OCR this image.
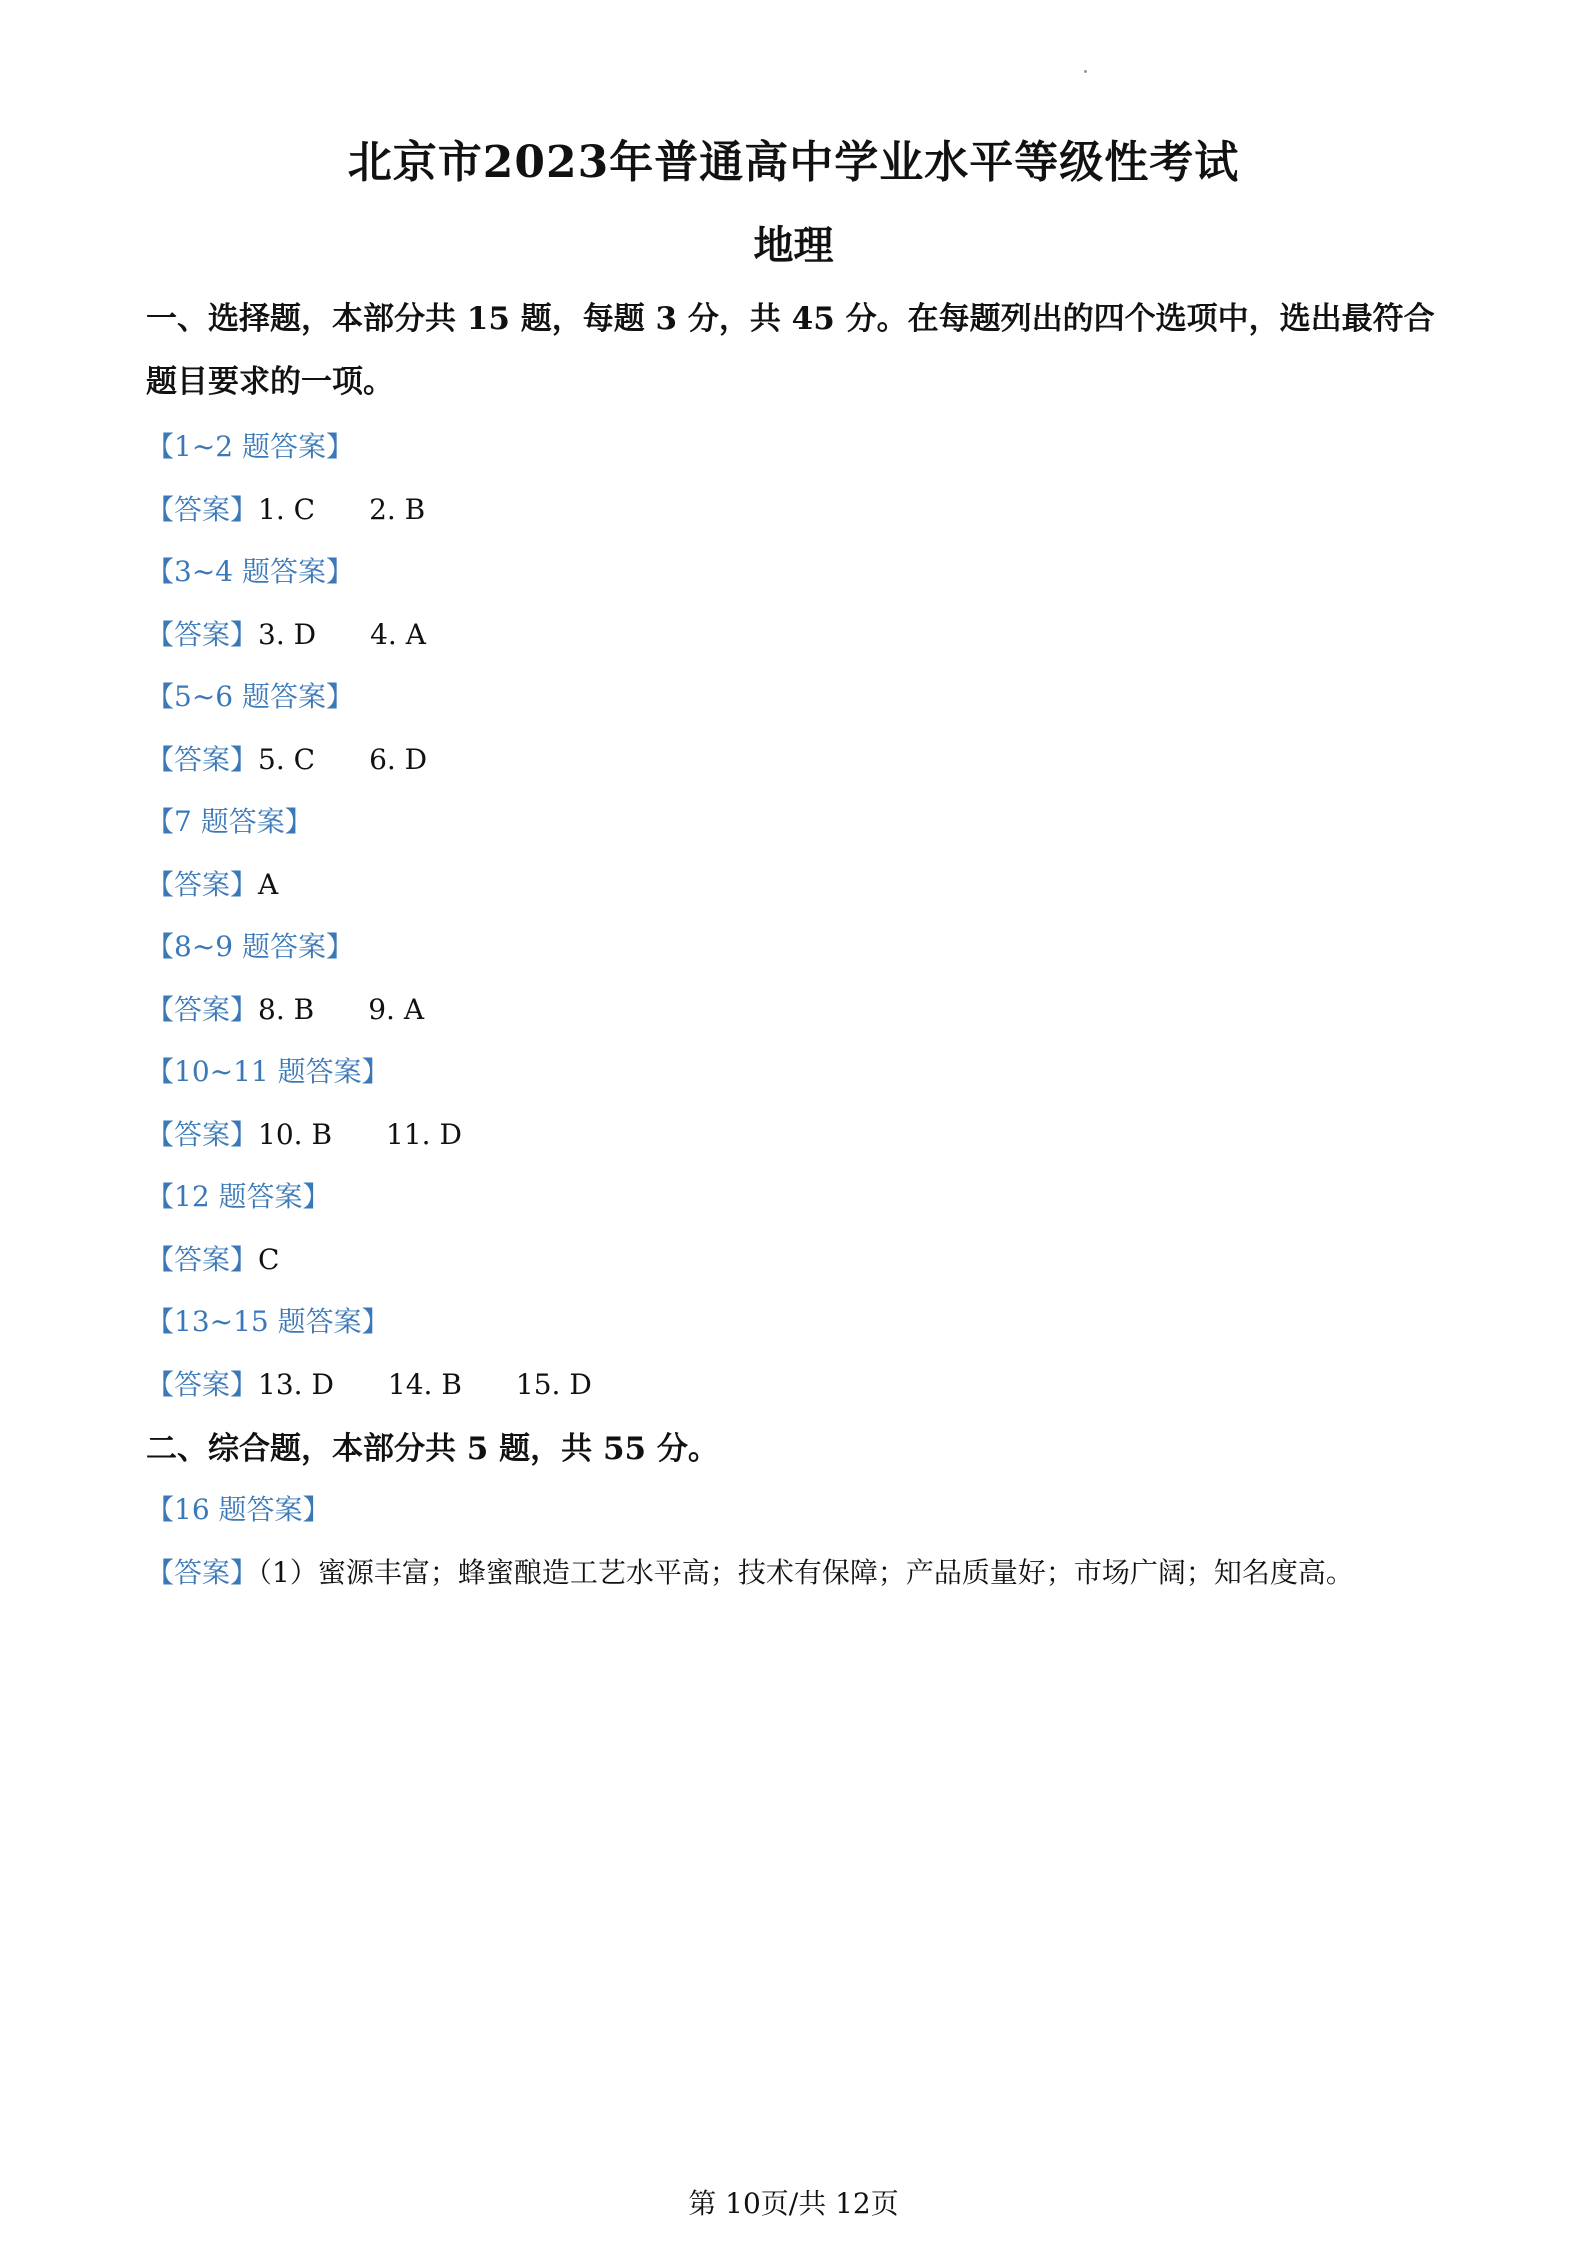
北京市2023年普通高中学业水平等级性考试
地理
一、选择题，本部分共 15 题，每题 3 分，共 45 分。在每题列出的四个选项中，选出最符合题目要求的一项。
【1~2 题答案】
【答案】1. C 2. B
【3~4 题答案】
【答案】3. D 4. A
【5~6 题答案】
【答案】5. C 6. D
【7 题答案】
【答案】A
【8~9 题答案】
【答案】8. B 9. A
【10~11 题答案】
【答案】10. B 11. D
【12 题答案】
【答案】C
【13~15 题答案】
【答案】13. D 14. B 15. D
二、综合题，本部分共 5 题，共 55 分。
【16 题答案】
【答案】（1）蜜源丰富；蜂蜜酿造工艺水平高；技术有保障；产品质量好；市场广阔；知名度高。
第 10页/共 12页
